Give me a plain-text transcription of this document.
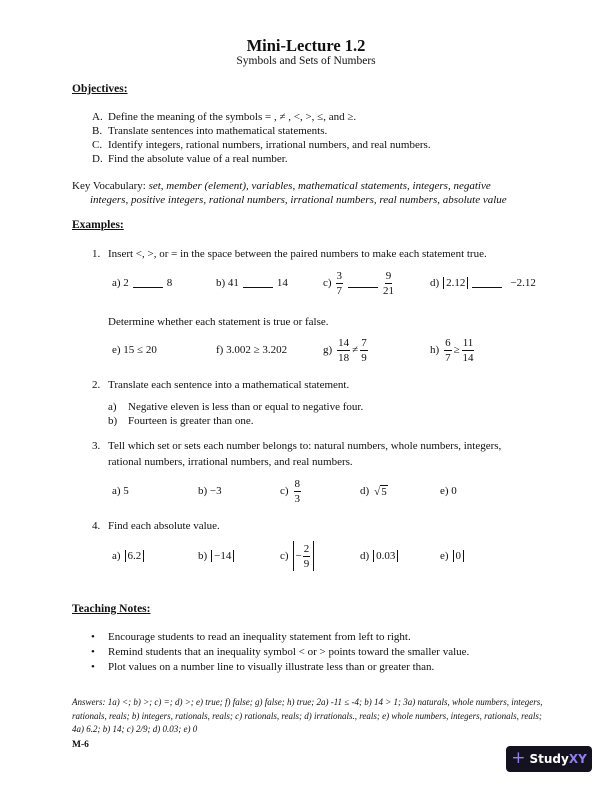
Mini-Lecture 1.2
Symbols and Sets of Numbers
Objectives:
A. Define the meaning of the symbols = , ≠ , <, >, ≤, and ≥.
B. Translate sentences into mathematical statements.
C. Identify integers, rational numbers, irrational numbers, and real numbers.
D. Find the absolute value of a real number.
Key Vocabulary: set, member (element), variables, mathematical statements, integers, negative
integers, positive integers, rational numbers, irrational numbers, real numbers, absolute value
Examples:
1. Insert <, >, or = in the space between the paired numbers to make each statement true.
a) 2	8	b) 41	14	$c) \frac{3}{7}$	$\frac{9}{21}$	d) 2.12	−2.12
Determine whether each statement is true or false.
e) 15 ≤ 20	f) 3.002 ≥ 3.202	$g) \frac{14}{18} \ne \frac{7}{9}$	$h) \frac{6}{7} \ge \frac{11}{14}$
2. Translate each sentence into a mathematical statement.
a) Negative eleven is less than or equal to negative four.
b) Fourteen is greater than one.
3. Tell which set or sets each number belongs to: natural numbers, whole numbers, integers,
rational numbers, irrational numbers, and real numbers.
a) 5	b) −3	$c) \frac{8}{3}$	d) √ 5	e) 0
4. Find each absolute value.
a) 6.2	b) −14	$c) - \frac{2}{9}$	d) 0.03	e) 0
Teaching Notes:
• Encourage students to read an inequality statement from left to right.
• Remind students that an inequality symbol < or > points toward the smaller value.
• Plot values on a number line to visually illustrate less than or greater than.
Answers: 1a) <; b) >; c) =; d) >; e) true; f) false; g) false; h) true; 2a) -11 ≤ -4; b) 14 > 1; 3a) naturals, whole numbers, integers, rationals, reals; b) integers, rationals, reals; c) rationals, reals; d) irrationals., reals; e) whole numbers, integers, rationals, reals; 4a) 6.2; b) 14; c) 2/9; d) 0.03; e) 0
M-6
+ StudyXY
